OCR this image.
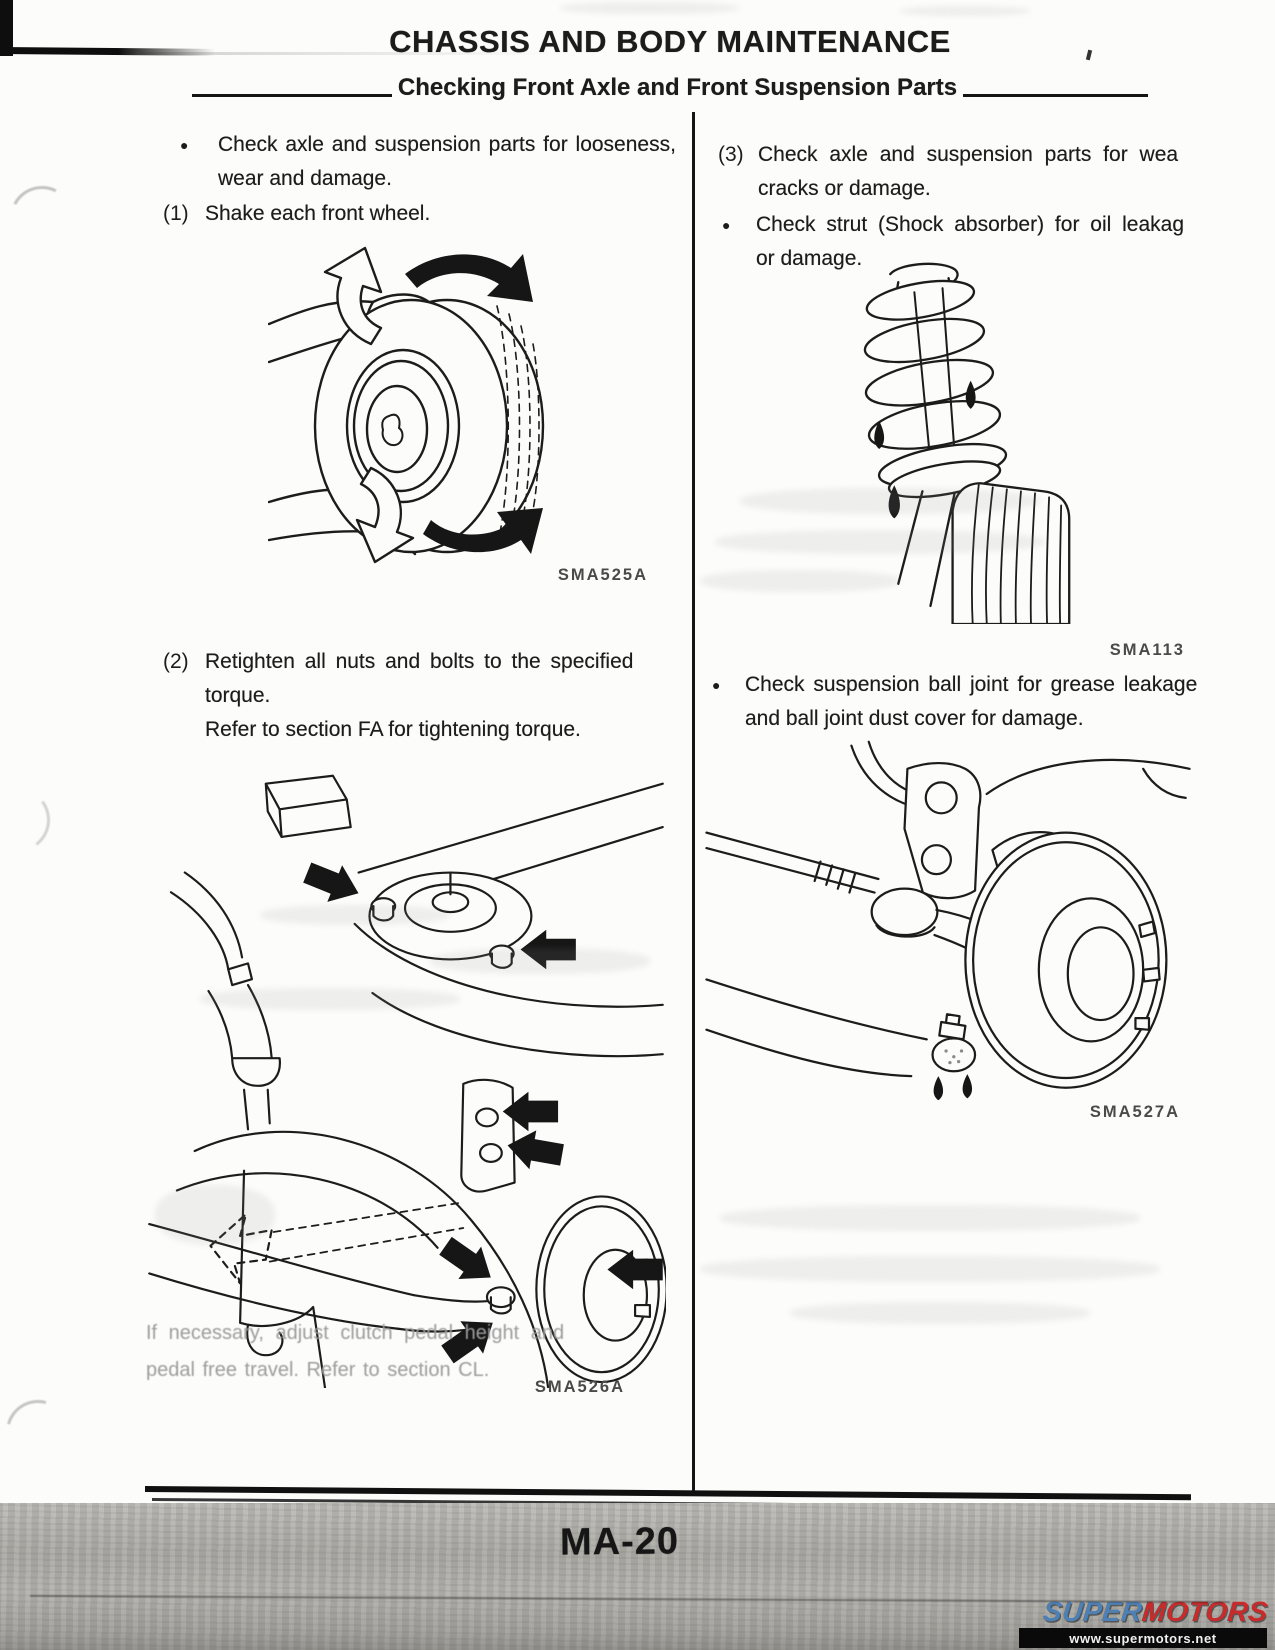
CHASSIS AND BODY MAINTENANCE
Checking Front Axle and Front Suspension Parts
● Check axle and suspension parts for looseness,
wear and damage.
(1) Shake each front wheel.
SMA525A
(2) Retighten all nuts and bolts to the specified
torque.
Refer to section FA for tightening torque.
SMA526A
If necessary, adjust clutch pedal height and
pedal free travel. Refer to section CL.
(3) Check axle and suspension parts for wea
cracks or damage.
● Check strut (Shock absorber) for oil leakag
or damage.
SMA113
● Check suspension ball joint for grease leakage
and ball joint dust cover for damage.
SMA527A
MA-20
SUPERMOTORS
www.supermotors.net
